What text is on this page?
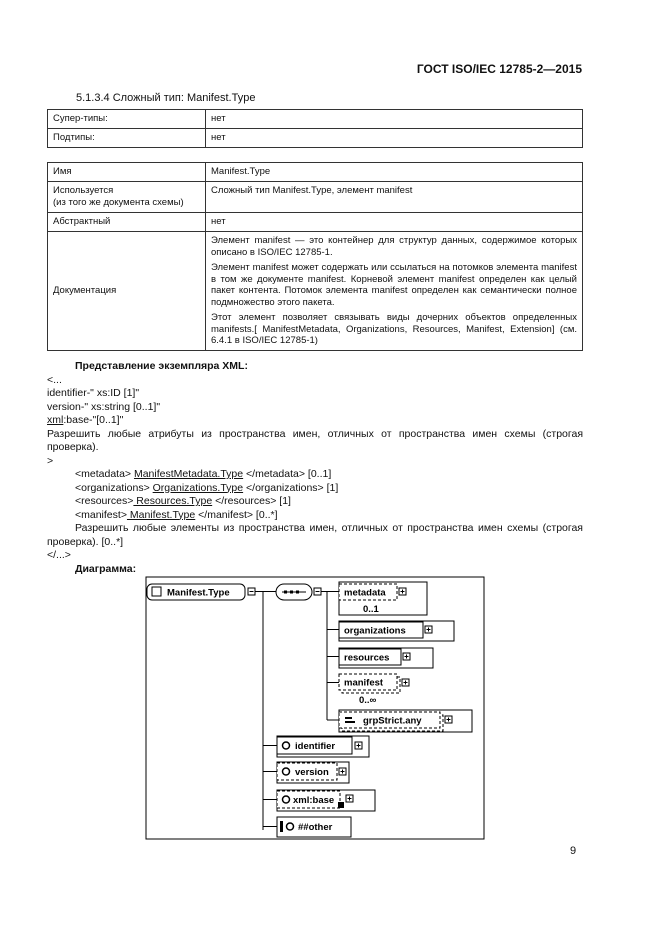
ГОСТ ISO/IEC 12785-2—2015
5.1.3.4 Сложный тип: Manifest.Type
Супер-типы:	нет
Подтипы:	нет
Имя	Manifest.Type

Используется
(из того же документа схемы)	Сложный тип Manifest.Type, элемент manifest
Абстрактный	нет
Документация	Элемент manifest — это контейнер для структур данных, содержимое которых описано в ISO/IEC 12785-1.

Элемент manifest может содержать или ссылаться на потомков элемента manifest в том же документе manifest. Корневой элемент manifest определен как целый пакет контента. Потомок элемента manifest определен как семантически полное подмножество этого пакета.

Этот элемент позволяет связывать виды дочерних объектов определенных manifests.[ ManifestMetadata, Organizations, Resources, Manifest, Extension] (см. 6.4.1 в ISO/IEC 12785-1)

Представление экземпляра XML:
<...
identifier-" xs:ID [1]"
version-" xs:string [0..1]"
xml:base-"[0..1]"
Разрешить любые атрибуты из пространства имен, отличных от пространства имен схемы (строгая проверка).
>
<metadata> ManifestMetadata.Type </metadata> [0..1]
<organizations> Organizations.Type </organizations> [1]
<resources> Resources.Type </resources> [1]
<manifest> Manifest.Type </manifest> [0..*]
Разрешить любые элементы из пространства имен, отличных от пространства имен схемы (строгая проверка). [0..*]
</...>
Диаграмма:
Manifest.Type	metadata
0..1
organizations
resources
manifest
0..∞
grpStrict.any
identifier
version
xml:base
##other
9
